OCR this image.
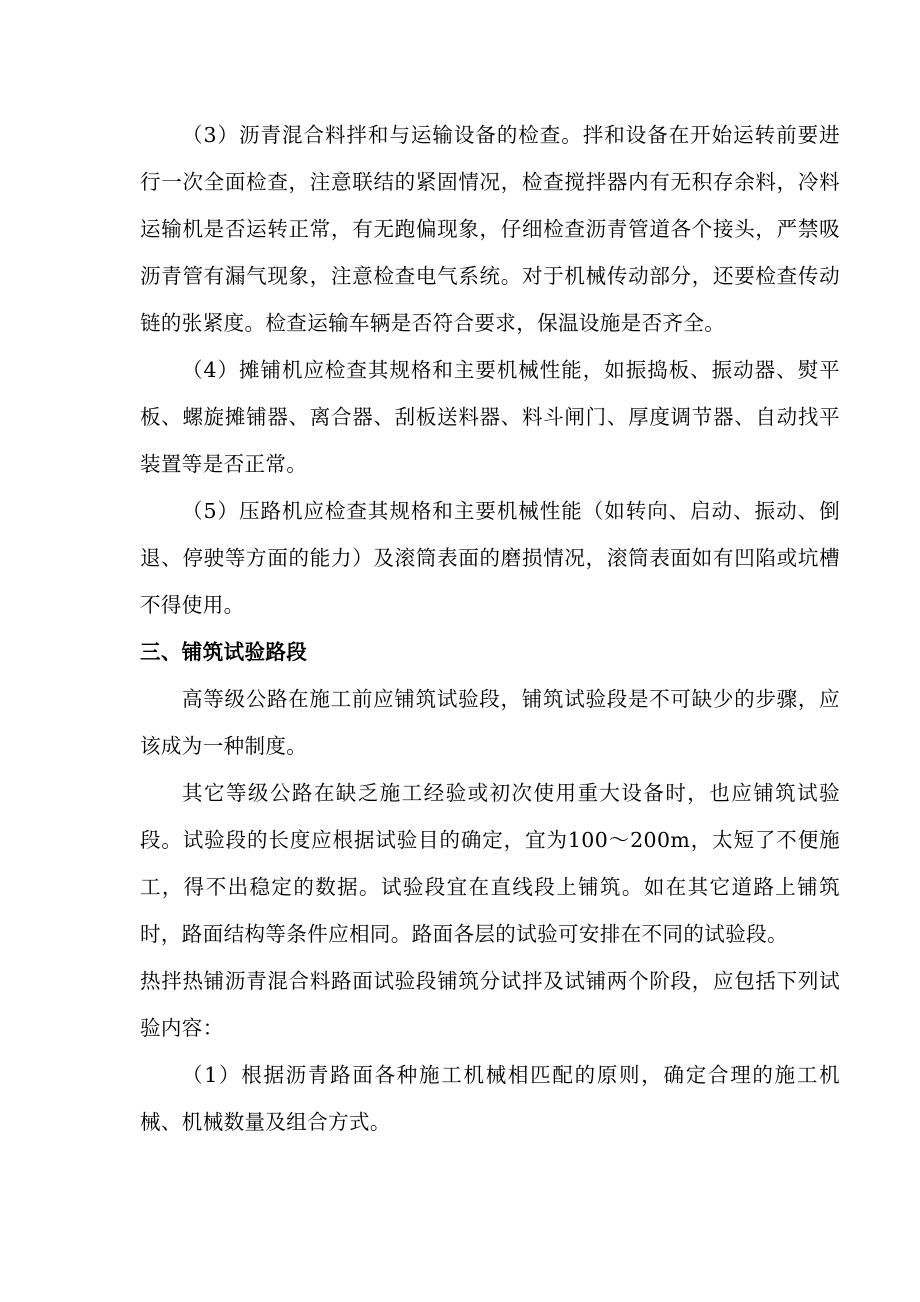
（3）沥青混合料拌和与运输设备的检查。拌和设备在开始运转前要进行一次全面检查，注意联结的紧固情况，检查搅拌器内有无积存余料，冷料运输机是否运转正常，有无跑偏现象，仔细检查沥青管道各个接头，严禁吸沥青管有漏气现象，注意检查电气系统。对于机械传动部分，还要检查传动链的张紧度。检查运输车辆是否符合要求，保温设施是否齐全。

（4）摊铺机应检查其规格和主要机械性能，如振捣板、振动器、熨平板、螺旋摊铺器、离合器、刮板送料器、料斗闸门、厚度调节器、自动找平装置等是否正常。

（5）压路机应检查其规格和主要机械性能（如转向、启动、振动、倒退、停驶等方面的能力）及滚筒表面的磨损情况，滚筒表面如有凹陷或坑槽不得使用。

三、铺筑试验路段

高等级公路在施工前应铺筑试验段，铺筑试验段是不可缺少的步骤，应该成为一种制度。

其它等级公路在缺乏施工经验或初次使用重大设备时，也应铺筑试验段。试验段的长度应根据试验目的确定，宜为100～200m，太短了不便施工，得不出稳定的数据。试验段宜在直线段上铺筑。如在其它道路上铺筑时，路面结构等条件应相同。路面各层的试验可安排在不同的试验段。

热拌热铺沥青混合料路面试验段铺筑分试拌及试铺两个阶段，应包括下列试验内容：

（1）根据沥青路面各种施工机械相匹配的原则，确定合理的施工机械、机械数量及组合方式。
